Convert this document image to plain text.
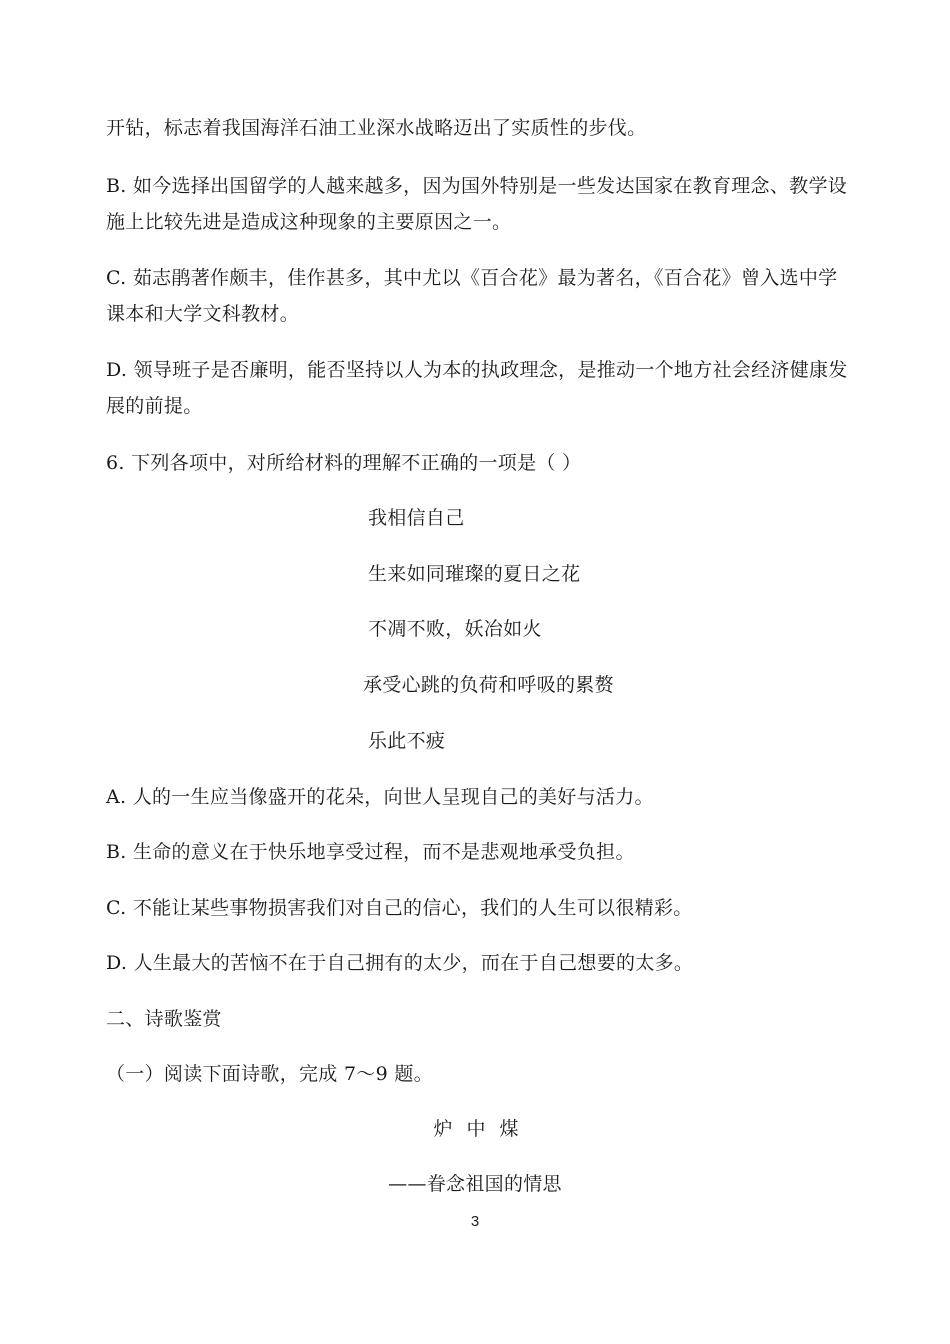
开钻，标志着我国海洋石油工业深水战略迈出了实质性的步伐。
B. 如今选择出国留学的人越来越多，因为国外特别是一些发达国家在教育理念、教学设
施上比较先进是造成这种现象的主要原因之一。
C. 茹志鹃著作颇丰，佳作甚多，其中尤以《百合花》最为著名，《百合花》曾入选中学
课本和大学文科教材。
D. 领导班子是否廉明，能否坚持以人为本的执政理念，是推动一个地方社会经济健康发
展的前提。
6. 下列各项中，对所给材料的理解不正确的一项是（ ）
我相信自己
生来如同璀璨的夏日之花
不凋不败，妖冶如火
承受心跳的负荷和呼吸的累赘
乐此不疲
A. 人的一生应当像盛开的花朵，向世人呈现自己的美好与活力。
B. 生命的意义在于快乐地享受过程，而不是悲观地承受负担。
C. 不能让某些事物损害我们对自己的信心，我们的人生可以很精彩。
D. 人生最大的苦恼不在于自己拥有的太少，而在于自己想要的太多。
二、诗歌鉴赏
（一）阅读下面诗歌，完成 7～9 题。
炉中煤
——眷念祖国的情思
3
